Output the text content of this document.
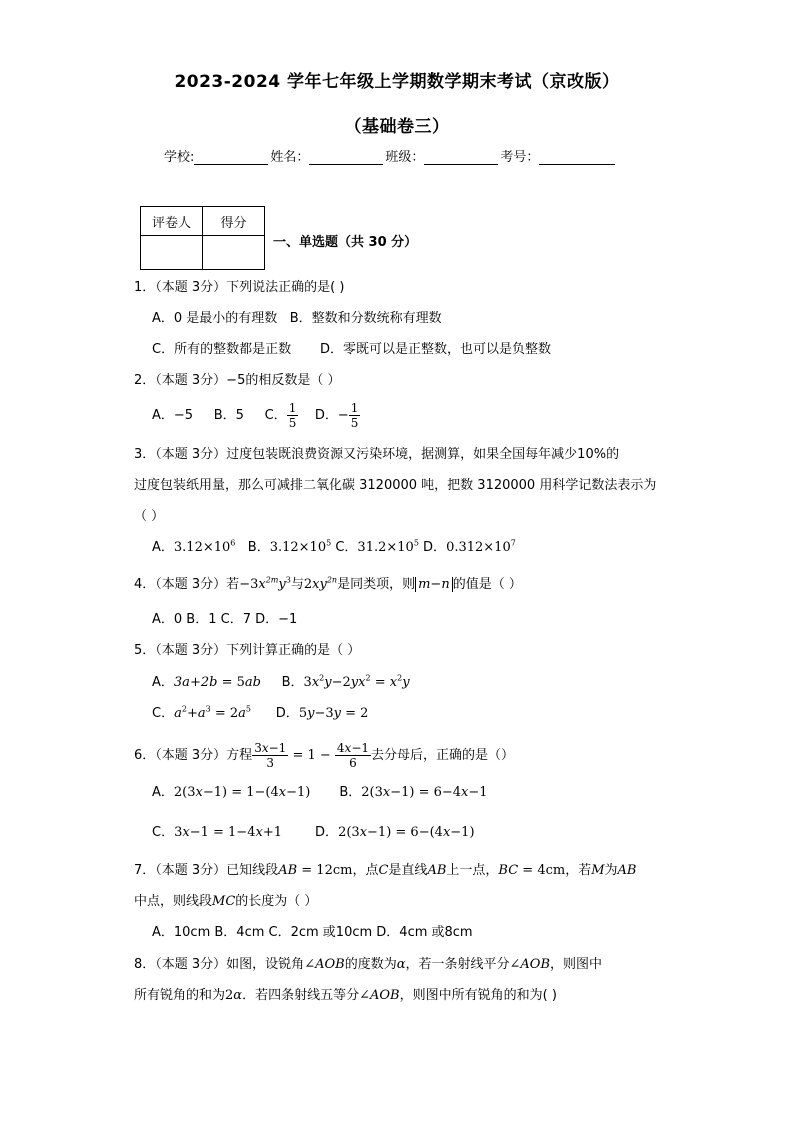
2023-2024 学年七年级上学期数学期末考试（京改版）
（基础卷三）
学校:	姓名：	班级：	考号：
评卷人	得分

一、单选题（共 30 分）
1．（本题 3分）下列说法正确的是( )
A．0 是最小的有理数 B．整数和分数统称有理数
C．所有的整数都是正数 D．零既可以是正整数，也可以是负整数
2．（本题 3分）−5的相反数是（ ）
A．−5 B．5 C． $\frac{1}{5}$ D．− $\frac{1}{5}$
3．（本题 3分）过度包装既浪费资源又污染环境，据测算，如果全国每年减少10%的
过度包装纸用量，那么可减排二氧化碳 3120000 吨，把数 3120000 用科学记数法表示为
（ ）
A．$3.12\times 10^6$ B．$3.12\times 10^5$ C．$31.2\times 10^5$ D．$0.312\times 10^7$
4．（本题 3分）若$-3x^{2m}y^3$与$2xy^{2n}$是同类项，则 m−n 的值是（ ）
A．0 B．1 C．7 D．−1
5．（本题 3分）下列计算正确的是（ ）
A．3a+2b = 5ab B．$3x^2y-2yx^2 = x^2y$
C．$a^2+a^3 = 2a^5$ D．5y−3y = 2
6．（本题 3分）方程 $\frac{3x-1}{3} = 1 - \frac{4x-1}{6}$ 去分母后，正确的是（）
A．2(3x−1) = 1−(4x−1) B．2(3x−1) = 6−4x−1
C．3x−1 = 1−4x+1	D．2(3x−1) = 6−(4x−1)
7．（本题 3分）已知线段AB = 12cm，点C是直线AB上一点，BC = 4cm，若M为AB
中点，则线段MC的长度为（ ）
A．10cm B．4cm C．2cm 或10cm D．4cm 或8cm
8．（本题 3分）如图，设锐角∠AOB的度数为α，若一条射线平分∠AOB，则图中
所有锐角的和为2α．若四条射线五等分∠AOB，则图中所有锐角的和为( )
